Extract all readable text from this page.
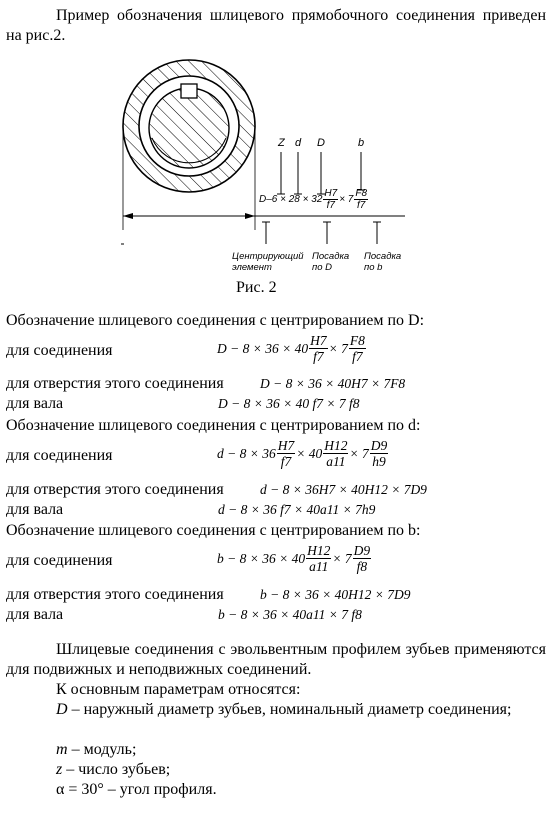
Пример обозначения шлицевого прямобочного соединения приведен на рис.2.
Z d D	b
Центрирующий элемент
Посадка по D
Посадка по b
$D-6 \times 28 \times 32 \frac{H7}{f7} \times 7 \frac{F8}{f7}$
Рис. 2
Обозначение шлицевого соединения с центрированием по D:
для соединения	$D - 8 \times 36 \times 40 \frac{H7}{f7} \times 7 \frac{F8}{f7}$
для отверстия этого соединения	D − 8 × 36 × 40H7 × 7F8
для вала	D − 8 × 36 × 40 f7 × 7 f8
Обозначение шлицевого соединения с центрированием по d:
для соединения	$d - 8 \times 36 \frac{H7}{f7} \times 40 \frac{H12}{a11} \times 7 \frac{D9}{h9}$
для отверстия этого соединения	d − 8 × 36H7 × 40H12 × 7D9
для вала	d − 8 × 36 f7 × 40a11 × 7h9
Обозначение шлицевого соединения с центрированием по b:
для соединения	$b - 8 \times 36 \times 40 \frac{H12}{a11} \times 7 \frac{D9}{f8}$
для отверстия этого соединения	b − 8 × 36 × 40H12 × 7D9
для вала	b − 8 × 36 × 40a11 × 7 f8
Шлицевые соединения с эвольвентным профилем зубьев применяются для подвижных и неподвижных соединений.
К основным параметрам относятся:
D – наружный диаметр зубьев, номинальный диаметр соединения;
m – модуль;
z – число зубьев;
α = 30° – угол профиля.
